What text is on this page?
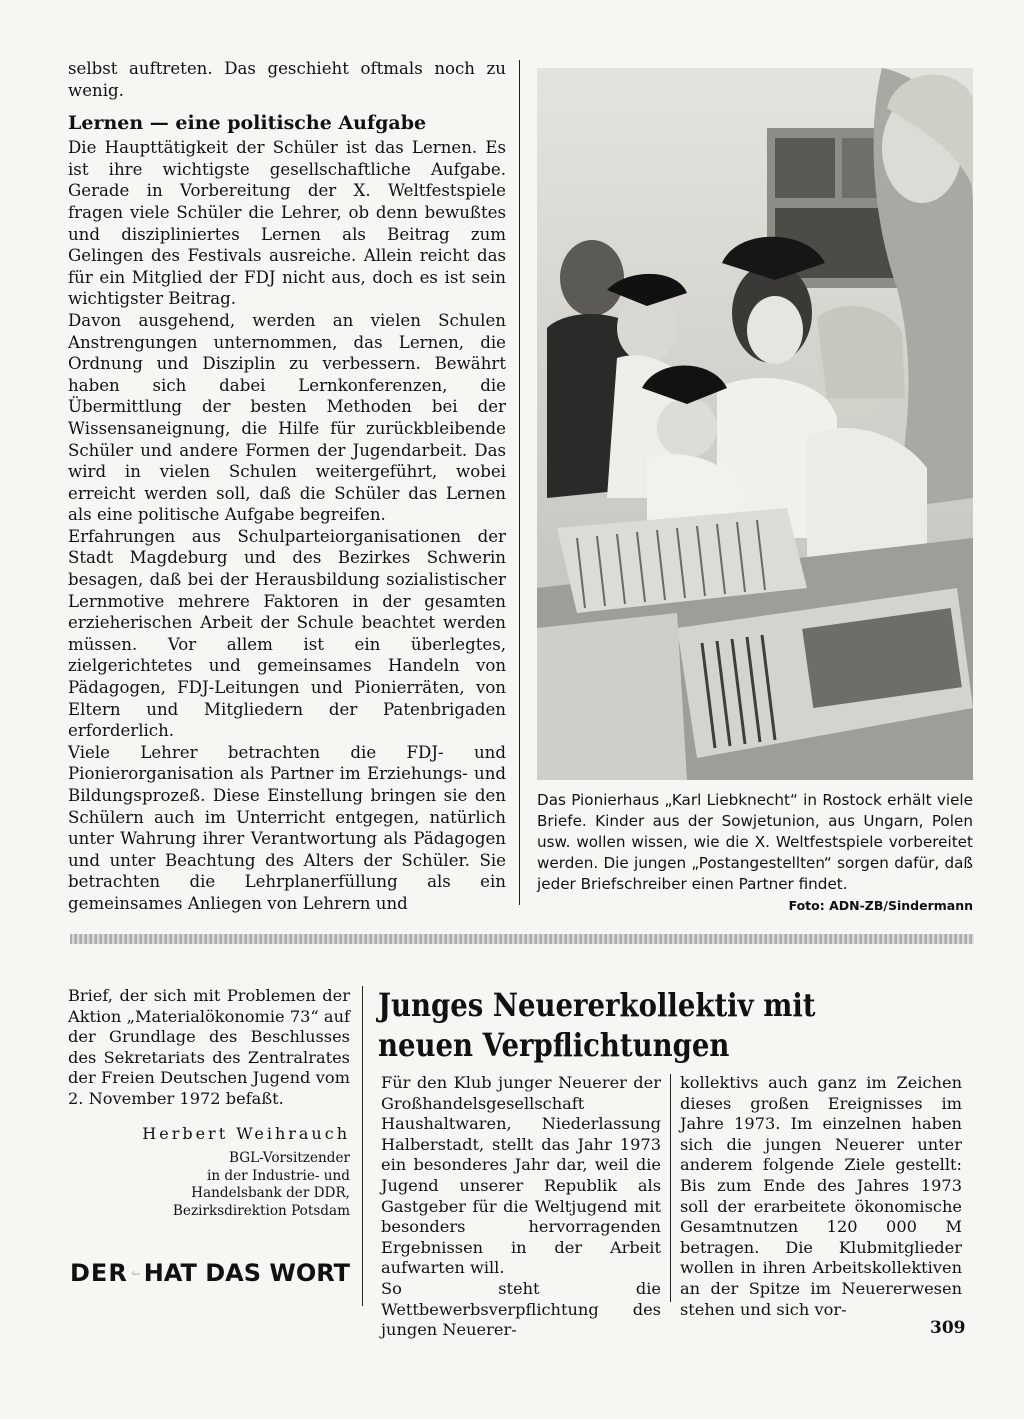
selbst auftreten. Das geschieht oftmals noch zu wenig.

Lernen — eine politische Aufgabe

Die Haupttätigkeit der Schüler ist das Lernen. Es ist ihre wichtigste gesellschaftliche Aufgabe. Gerade in Vorbereitung der X. Weltfestspiele fragen viele Schüler die Lehrer, ob denn bewußtes und diszipliniertes Lernen als Beitrag zum Gelingen des Festivals ausreiche. Allein reicht das für ein Mitglied der FDJ nicht aus, doch es ist sein wichtigster Beitrag.

Davon ausgehend, werden an vielen Schulen Anstrengungen unternommen, das Lernen, die Ordnung und Disziplin zu verbessern. Bewährt haben sich dabei Lernkonferenzen, die Übermittlung der besten Methoden bei der Wissensaneignung, die Hilfe für zurückbleibende Schüler und andere Formen der Jugendarbeit. Das wird in vielen Schulen weitergeführt, wobei erreicht werden soll, daß die Schüler das Lernen als eine politische Aufgabe begreifen.

Erfahrungen aus Schulparteiorganisationen der Stadt Magdeburg und des Bezirkes Schwerin besagen, daß bei der Herausbildung sozialistischer Lernmotive mehrere Faktoren in der gesamten erzieherischen Arbeit der Schule beachtet werden müssen. Vor allem ist ein überlegtes, zielgerichtetes und gemeinsames Handeln von Pädagogen, FDJ-Leitungen und Pionierräten, von Eltern und Mitgliedern der Patenbrigaden erforderlich.

Viele Lehrer betrachten die FDJ- und Pionierorganisation als Partner im Erziehungs- und Bildungsprozeß. Diese Einstellung bringen sie den Schülern auch im Unterricht entgegen, natürlich unter Wahrung ihrer Verantwortung als Pädagogen und unter Beachtung des Alters der Schüler. Sie betrachten die Lehrplanerfüllung als ein gemeinsames Anliegen von Lehrern und

Das Pionierhaus „Karl Liebknecht“ in Rostock erhält viele Briefe. Kinder aus der Sowjetunion, aus Ungarn, Polen usw. wollen wissen, wie die X. Weltfestspiele vorbereitet werden. Die jungen „Postangestellten“ sorgen dafür, daß jeder Briefschreiber einen Partner findet.
Foto: ADN-ZB/Sindermann
Brief, der sich mit Problemen der Aktion „Materialökonomie 73“ auf der Grundlage des Beschlusses des Sekretariats des Zentralrates der Freien Deutschen Jugend vom 2. November 1972 befaßt.
Herbert Weihrauch
BGL-Vorsitzender
in der Industrie- und
Handelsbank der DDR,
Bezirksdirektion Potsdam
DER HAT DAS WORT
Junges Neuererkollektiv mit
neuen Verpflichtungen

Für den Klub junger Neuerer der Großhandelsgesellschaft Haushaltwaren, Niederlassung Halberstadt, stellt das Jahr 1973 ein besonderes Jahr dar, weil die Jugend unserer Republik als Gastgeber für die Weltjugend mit besonders hervorragenden Ergebnissen in der Arbeit aufwarten will.

So steht die Wettbewerbsverpflichtung des jungen Neuerer-

kollektivs auch ganz im Zeichen dieses großen Ereignisses im Jahre 1973. Im einzelnen haben sich die jungen Neuerer unter anderem folgende Ziele gestellt: Bis zum Ende des Jahres 1973 soll der erarbeitete ökonomische Gesamtnutzen 120 000 M betragen. Die Klubmitglieder wollen in ihren Arbeitskollektiven an der Spitze im Neuererwesen stehen und sich vor-

309
